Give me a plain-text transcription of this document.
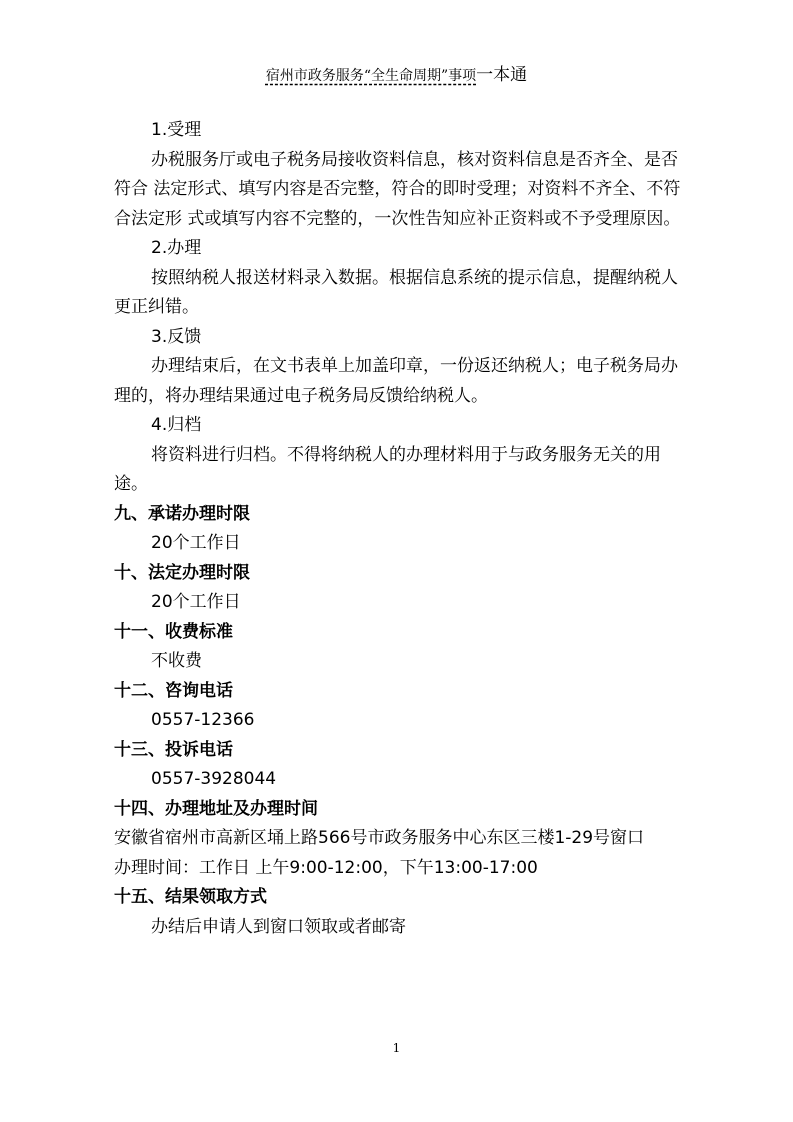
宿州市政务服务“全生命周期”事项一本通
1.受理

办税服务厅或电子税务局接收资料信息，核对资料信息是否齐全、是否符合 法定形式、填写内容是否完整，符合的即时受理；对资料不齐全、不符合法定形 式或填写内容不完整的，一次性告知应补正资料或不予受理原因。

2.办理

按照纳税人报送材料录入数据。根据信息系统的提示信息，提醒纳税人更正纠错。

3.反馈

办理结束后，在文书表单上加盖印章，一份返还纳税人；电子税务局办理的，将办理结果通过电子税务局反馈给纳税人。

4.归档

将资料进行归档。不得将纳税人的办理材料用于与政务服务无关的用途。

九、承诺办理时限
20个工作日
十、法定办理时限
20个工作日
十一、收费标准
不收费
十二、咨询电话
0557-12366
十三、投诉电话
0557-3928044
十四、办理地址及办理时间

安徽省宿州市高新区埇上路566号市政务服务中心东区三楼1-29号窗口

办理时间：工作日 上午9:00-12:00，下午13:00-17:00

十五、结果领取方式
办结后申请人到窗口领取或者邮寄
1
